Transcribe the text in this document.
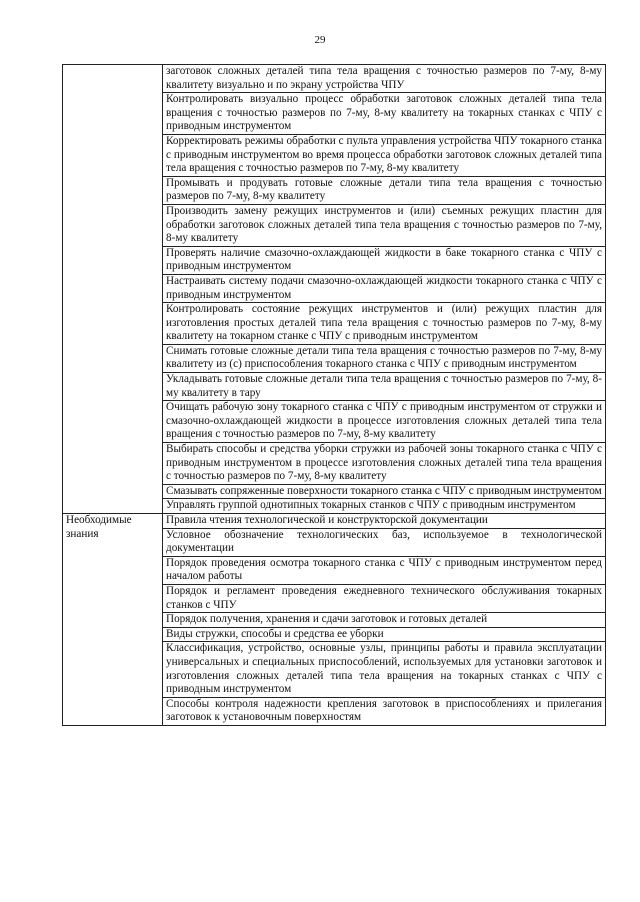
29
	заготовок сложных деталей типа тела вращения с точностью размеров по 7-му, 8-му квалитету визуально и по экрану устройства ЧПУ
	Контролировать визуально процесс обработки заготовок сложных деталей типа тела вращения с точностью размеров по 7-му, 8-му квалитету на токарных станках с ЧПУ с приводным инструментом
	Корректировать режимы обработки с пульта управления устройства ЧПУ токарного станка с приводным инструментом во время процесса обработки заготовок сложных деталей типа тела вращения с точностью размеров по 7-му, 8-му квалитету
	Промывать и продувать готовые сложные детали типа тела вращения с точностью размеров по 7-му, 8-му квалитету
	Производить замену режущих инструментов и (или) съемных режущих пластин для обработки заготовок сложных деталей типа тела вращения с точностью размеров по 7-му, 8-му квалитету
	Проверять наличие смазочно-охлаждающей жидкости в баке токарного станка с ЧПУ с приводным инструментом
	Настраивать систему подачи смазочно-охлаждающей жидкости токарного станка с ЧПУ с приводным инструментом
	Контролировать состояние режущих инструментов и (или) режущих пластин для изготовления простых деталей типа тела вращения с точностью размеров по 7-му, 8-му квалитету на токарном станке с ЧПУ с приводным инструментом
	Снимать готовые сложные детали типа тела вращения с точностью размеров по 7-му, 8-му квалитету из (с) приспособления токарного станка с ЧПУ с приводным инструментом
	Укладывать готовые сложные детали типа тела вращения с точностью размеров по 7-му, 8-му квалитету в тару
	Очищать рабочую зону токарного станка с ЧПУ с приводным инструментом от стружки и смазочно-охлаждающей жидкости в процессе изготовления сложных деталей типа тела вращения с точностью размеров по 7-му, 8-му квалитету
	Выбирать способы и средства уборки стружки из рабочей зоны токарного станка с ЧПУ с приводным инструментом в процессе изготовления сложных деталей типа тела вращения с точностью размеров по 7-му, 8-му квалитету
	Смазывать сопряженные поверхности токарного станка с ЧПУ с приводным инструментом
	Управлять группой однотипных токарных станков с ЧПУ с приводным инструментом
Необходимые знания	Правила чтения технологической и конструкторской документации
	Условное обозначение технологических баз, используемое в технологической документации
	Порядок проведения осмотра токарного станка с ЧПУ с приводным инструментом перед началом работы
	Порядок и регламент проведения ежедневного технического обслуживания токарных станков с ЧПУ
	Порядок получения, хранения и сдачи заготовок и готовых деталей
	Виды стружки, способы и средства ее уборки
	Классификация, устройство, основные узлы, принципы работы и правила эксплуатации универсальных и специальных приспособлений, используемых для установки заготовок и изготовления сложных деталей типа тела вращения на токарных станках с ЧПУ с приводным инструментом
	Способы контроля надежности крепления заготовок в приспособлениях и прилегания заготовок к установочным поверхностям
